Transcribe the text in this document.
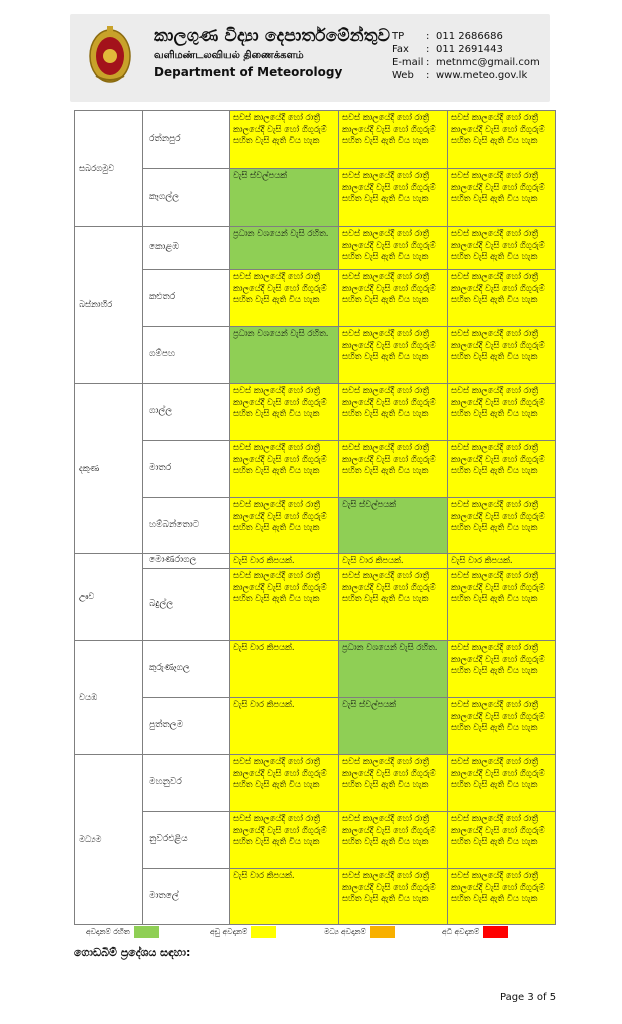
කාලගුණ විද්‍යා දෙපාර්තමේන්තුව
வளிமண்டலவியல் திணைக்களம்
Department of Meteorology
TP	: 011 2686686
Fax	: 011 2691443
E-mail : metnmc@gmail.com
Web	: www.meteo.gov.lk
සබරගමුව	රත්නපුර	සවස් කාලයේදී හෝ රාත්‍රී කාලයේදී වැසි හෝ ගිගුරුම් සහිත වැසි ඇති විය හැක	සවස් කාලයේදී හෝ රාත්‍රී කාලයේදී වැසි හෝ ගිගුරුම් සහිත වැසි ඇති විය හැක	සවස් කාලයේදී හෝ රාත්‍රී කාලයේදී වැසි හෝ ගිගුරුම් සහිත වැසි ඇති විය හැක
	කෑගල්ල	වැසි ස්වල්පයක්	සවස් කාලයේදී හෝ රාත්‍රී කාලයේදී වැසි හෝ ගිගුරුම් සහිත වැසි ඇති විය හැක	සවස් කාලයේදී හෝ රාත්‍රී කාලයේදී වැසි හෝ ගිගුරුම් සහිත වැසි ඇති විය හැක
බස්නාහිර	කොළඹ	ප්‍රධාන වශයෙන් වැසි රහිත.	සවස් කාලයේදී හෝ රාත්‍රී කාලයේදී වැසි හෝ ගිගුරුම් සහිත වැසි ඇති විය හැක	සවස් කාලයේදී හෝ රාත්‍රී කාලයේදී වැසි හෝ ගිගුරුම් සහිත වැසි ඇති විය හැක
	කළුතර	සවස් කාලයේදී හෝ රාත්‍රී කාලයේදී වැසි හෝ ගිගුරුම් සහිත වැසි ඇති විය හැක	සවස් කාලයේදී හෝ රාත්‍රී කාලයේදී වැසි හෝ ගිගුරුම් සහිත වැසි ඇති විය හැක	සවස් කාලයේදී හෝ රාත්‍රී කාලයේදී වැසි හෝ ගිගුරුම් සහිත වැසි ඇති විය හැක
	ගම්පහ	ප්‍රධාන වශයෙන් වැසි රහිත.	සවස් කාලයේදී හෝ රාත්‍රී කාලයේදී වැසි හෝ ගිගුරුම් සහිත වැසි ඇති විය හැක	සවස් කාලයේදී හෝ රාත්‍රී කාලයේදී වැසි හෝ ගිගුරුම් සහිත වැසි ඇති විය හැක
දකුණ	ගාල්ල	සවස් කාලයේදී හෝ රාත්‍රී කාලයේදී වැසි හෝ ගිගුරුම් සහිත වැසි ඇති විය හැක	සවස් කාලයේදී හෝ රාත්‍රී කාලයේදී වැසි හෝ ගිගුරුම් සහිත වැසි ඇති විය හැක	සවස් කාලයේදී හෝ රාත්‍රී කාලයේදී වැසි හෝ ගිගුරුම් සහිත වැසි ඇති විය හැක
	මාතර	සවස් කාලයේදී හෝ රාත්‍රී කාලයේදී වැසි හෝ ගිගුරුම් සහිත වැසි ඇති විය හැක	සවස් කාලයේදී හෝ රාත්‍රී කාලයේදී වැසි හෝ ගිගුරුම් සහිත වැසි ඇති විය හැක	සවස් කාලයේදී හෝ රාත්‍රී කාලයේදී වැසි හෝ ගිගුරුම් සහිත වැසි ඇති විය හැක
	හම්බන්තොට	සවස් කාලයේදී හෝ රාත්‍රී කාලයේදී වැසි හෝ ගිගුරුම් සහිත වැසි ඇති විය හැක	වැසි ස්වල්පයක්	සවස් කාලයේදී හෝ රාත්‍රී කාලයේදී වැසි හෝ ගිගුරුම් සහිත වැසි ඇති විය හැක
ඌව	මොණරාගල	වැසි වාර කිපයක්.	වැසි වාර කිපයක්.	වැසි වාර කිපයක්.
	බදුල්ල	සවස් කාලයේදී හෝ රාත්‍රී කාලයේදී වැසි හෝ ගිගුරුම් සහිත වැසි ඇති විය හැක	සවස් කාලයේදී හෝ රාත්‍රී කාලයේදී වැසි හෝ ගිගුරුම් සහිත වැසි ඇති විය හැක	සවස් කාලයේදී හෝ රාත්‍රී කාලයේදී වැසි හෝ ගිගුරුම් සහිත වැසි ඇති විය හැක
වයඹ	කුරුණෑගල	වැසි වාර කිපයක්.	ප්‍රධාන වශයෙන් වැසි රහිත.	සවස් කාලයේදී හෝ රාත්‍රී කාලයේදී වැසි හෝ ගිගුරුම් සහිත වැසි ඇති විය හැක
	පුත්තලම	වැසි වාර කිපයක්.	වැසි ස්වල්පයක්	සවස් කාලයේදී හෝ රාත්‍රී කාලයේදී වැසි හෝ ගිගුරුම් සහිත වැසි ඇති විය හැක
මධ්‍යම	මහනුවර	සවස් කාලයේදී හෝ රාත්‍රී කාලයේදී වැසි හෝ ගිගුරුම් සහිත වැසි ඇති විය හැක	සවස් කාලයේදී හෝ රාත්‍රී කාලයේදී වැසි හෝ ගිගුරුම් සහිත වැසි ඇති විය හැක	සවස් කාලයේදී හෝ රාත්‍රී කාලයේදී වැසි හෝ ගිගුරුම් සහිත වැසි ඇති විය හැක
	නුවරඑළිය	සවස් කාලයේදී හෝ රාත්‍රී කාලයේදී වැසි හෝ ගිගුරුම් සහිත වැසි ඇති විය හැක	සවස් කාලයේදී හෝ රාත්‍රී කාලයේදී වැසි හෝ ගිගුරුම් සහිත වැසි ඇති විය හැක	සවස් කාලයේදී හෝ රාත්‍රී කාලයේදී වැසි හෝ ගිගුරුම් සහිත වැසි ඇති විය හැක
	මාතලේ	වැසි වාර කිපයක්.	සවස් කාලයේදී හෝ රාත්‍රී කාලයේදී වැසි හෝ ගිගුරුම් සහිත වැසි ඇති විය හැක	සවස් කාලයේදී හෝ රාත්‍රී කාලයේදී වැසි හෝ ගිගුරුම් සහිත වැසි ඇති විය හැක
අවදානම් රහිත	අඩු අවදානම්	මධ්‍ය අවදානම්	අධි අවදානම්
ගොඩබිම් ප්‍රදේශය සඳහා:
Page 3 of 5
